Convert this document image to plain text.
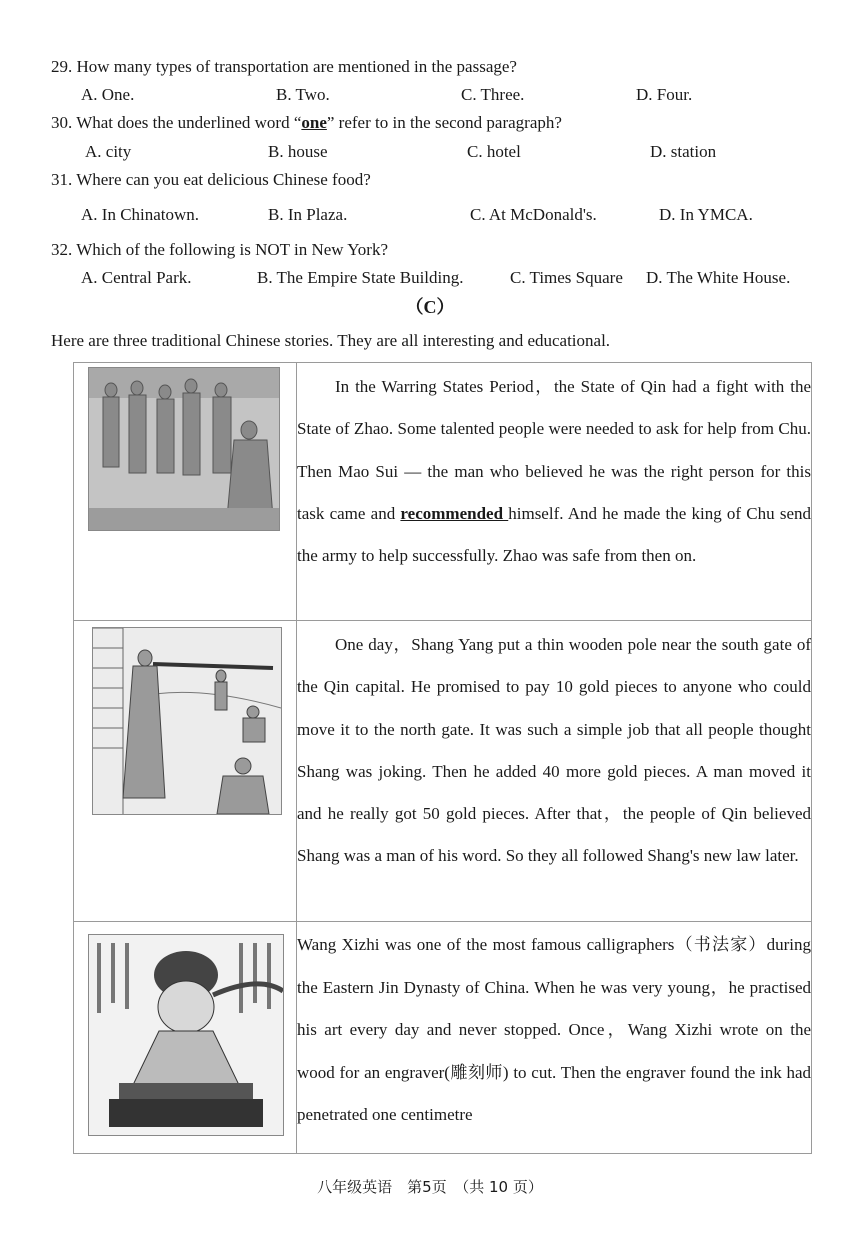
29. How many types of transportation are mentioned in the passage?
A. One.	B. Two.	C. Three.	D. Four.
30. What does the underlined word “one” refer to in the second paragraph?
A. city	B. house	C. hotel	D. station
31. Where can you eat delicious Chinese food?
A. In Chinatown.	B. In Plaza.	C. At McDonald's.	D. In YMCA.
32. Which of the following is NOT in New York?
A. Central Park.	B. The Empire State Building.	C. Times Square D. The White House.
（C）
Here are three traditional Chinese stories. They are all interesting and educational.

In the Warring States Period，the State of Qin had a fight with the State of Zhao. Some talented people were needed to ask for help from Chu. Then Mao Sui — the man who believed he was the right person for this task came and recommended himself. And he made the king of Chu send the army to help successfully. Zhao was safe from then on.

One day，Shang Yang put a thin wooden pole near the south gate of the Qin capital. He promised to pay 10 gold pieces to anyone who could move it to the north gate. It was such a simple job that all people thought Shang was joking. Then he added 40 more gold pieces. A man moved it and he really got 50 gold pieces. After that，the people of Qin believed Shang was a man of his word. So they all followed Shang's new law later.

Wang Xizhi was one of the most famous calligraphers（书法家）during the Eastern Jin Dynasty of China. When he was very young，he practised his art every day and never stopped. Once，Wang Xizhi wrote on the wood for an engraver(雕刻师) to cut. Then the engraver found the ink had penetrated one centimetre

八年级英语　第5页　（共 10 页）
